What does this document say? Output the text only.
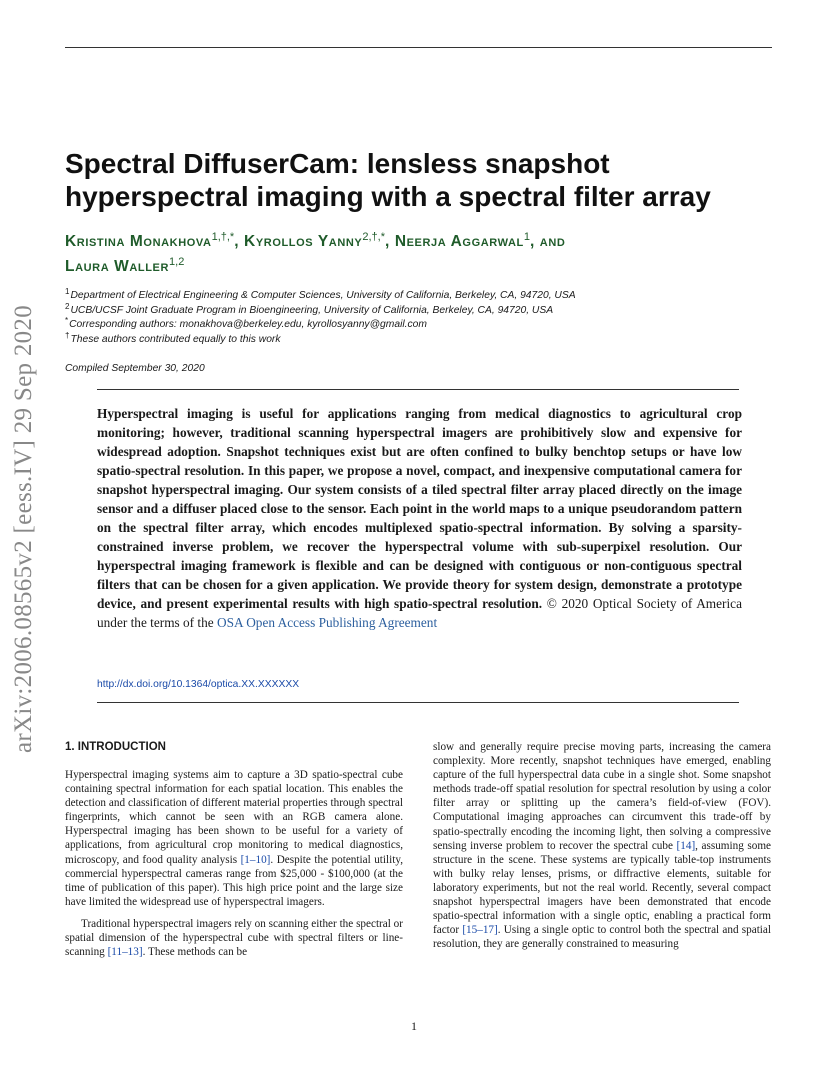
arXiv:2006.08565v2 [eess.IV] 29 Sep 2020
Spectral DiffuserCam: lensless snapshot
hyperspectral imaging with a spectral filter array
Kristina Monakhova$^{1,\dagger,*}$, Kyrollos Yanny$^{2,\dagger,*}$, Neerja Aggarwal$^1$, and
Laura Waller$^{1,2}$
$^1$Department of Electrical Engineering & Computer Sciences, University of California, Berkeley, CA, 94720, USA
$^2$UCB/UCSF Joint Graduate Program in Bioengineering, University of California, Berkeley, CA, 94720, USA
*Corresponding authors: monakhova@berkeley.edu, kyrollosyanny@gmail.com
†These authors contributed equally to this work
Compiled September 30, 2020
Hyperspectral imaging is useful for applications ranging from medical diagnostics to agricultural crop monitoring; however, traditional scanning hyperspectral imagers are prohibitively slow and expensive for widespread adoption. Snapshot techniques exist but are often confined to bulky benchtop setups or have low spatio-spectral resolution. In this paper, we propose a novel, compact, and inexpensive computational camera for snapshot hyperspectral imaging. Our system consists of a tiled spectral filter array placed directly on the image sensor and a diffuser placed close to the sensor. Each point in the world maps to a unique pseudorandom pattern on the spectral filter array, which encodes multiplexed spatio-spectral information. By solving a sparsity-constrained inverse problem, we recover the hyperspectral volume with sub-superpixel resolution. Our hyperspectral imaging framework is flexible and can be designed with contiguous or non-contiguous spectral filters that can be chosen for a given application. We provide theory for system design, demonstrate a prototype device, and present experimental results with high spatio-spectral resolution. © 2020 Optical Society of America under the terms of the OSA Open Access Publishing Agreement
http://dx.doi.org/10.1364/optica.XX.XXXXXX
1. INTRODUCTION

Hyperspectral imaging systems aim to capture a 3D spatio-spectral cube containing spectral information for each spatial location. This enables the detection and classification of different material properties through spectral fingerprints, which cannot be seen with an RGB camera alone. Hyperspectral imaging has been shown to be useful for a variety of applications, from agricultural crop monitoring to medical diagnostics, microscopy, and food quality analysis [1–10]. Despite the potential utility, commercial hyperspectral cameras range from $25,000 - $100,000 (at the time of publication of this paper). This high price point and the large size have limited the widespread use of hyperspectral imagers.

Traditional hyperspectral imagers rely on scanning either the spectral or spatial dimension of the hyperspectral cube with spectral filters or line-scanning [11–13]. These methods can be

slow and generally require precise moving parts, increasing the camera complexity. More recently, snapshot techniques have emerged, enabling capture of the full hyperspectral data cube in a single shot. Some snapshot methods trade-off spatial resolution for spectral resolution by using a color filter array or splitting up the camera’s field-of-view (FOV). Computational imaging approaches can circumvent this trade-off by spatio-spectrally encoding the incoming light, then solving a compressive sensing inverse problem to recover the spectral cube [14], assuming some structure in the scene. These systems are typically table-top instruments with bulky relay lenses, prisms, or diffractive elements, suitable for laboratory experiments, but not the real world. Recently, several compact snapshot hyperspectral imagers have been demonstrated that encode spatio-spectral information with a single optic, enabling a practical form factor [15–17]. Using a single optic to control both the spectral and spatial resolution, they are generally constrained to measuring

1
